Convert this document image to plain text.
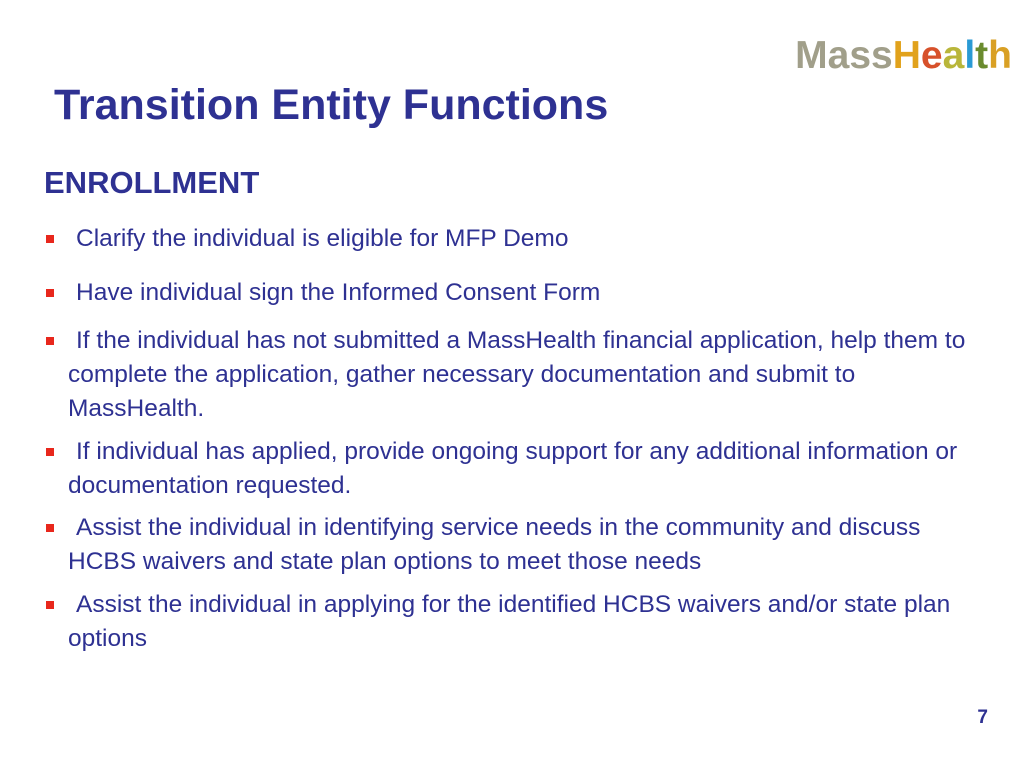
MassHealth
Transition Entity Functions
ENROLLMENT
Clarify the individual is eligible for MFP Demo
Have individual sign the Informed Consent Form
If the individual has not submitted a MassHealth financial application, help them to complete the application, gather necessary documentation and submit to MassHealth.
If individual has applied, provide ongoing support for any additional information or documentation requested.
Assist the individual in identifying service needs in the community and discuss HCBS waivers and state plan options to meet those needs
Assist the individual in applying for the identified HCBS waivers and/or state plan options
7
